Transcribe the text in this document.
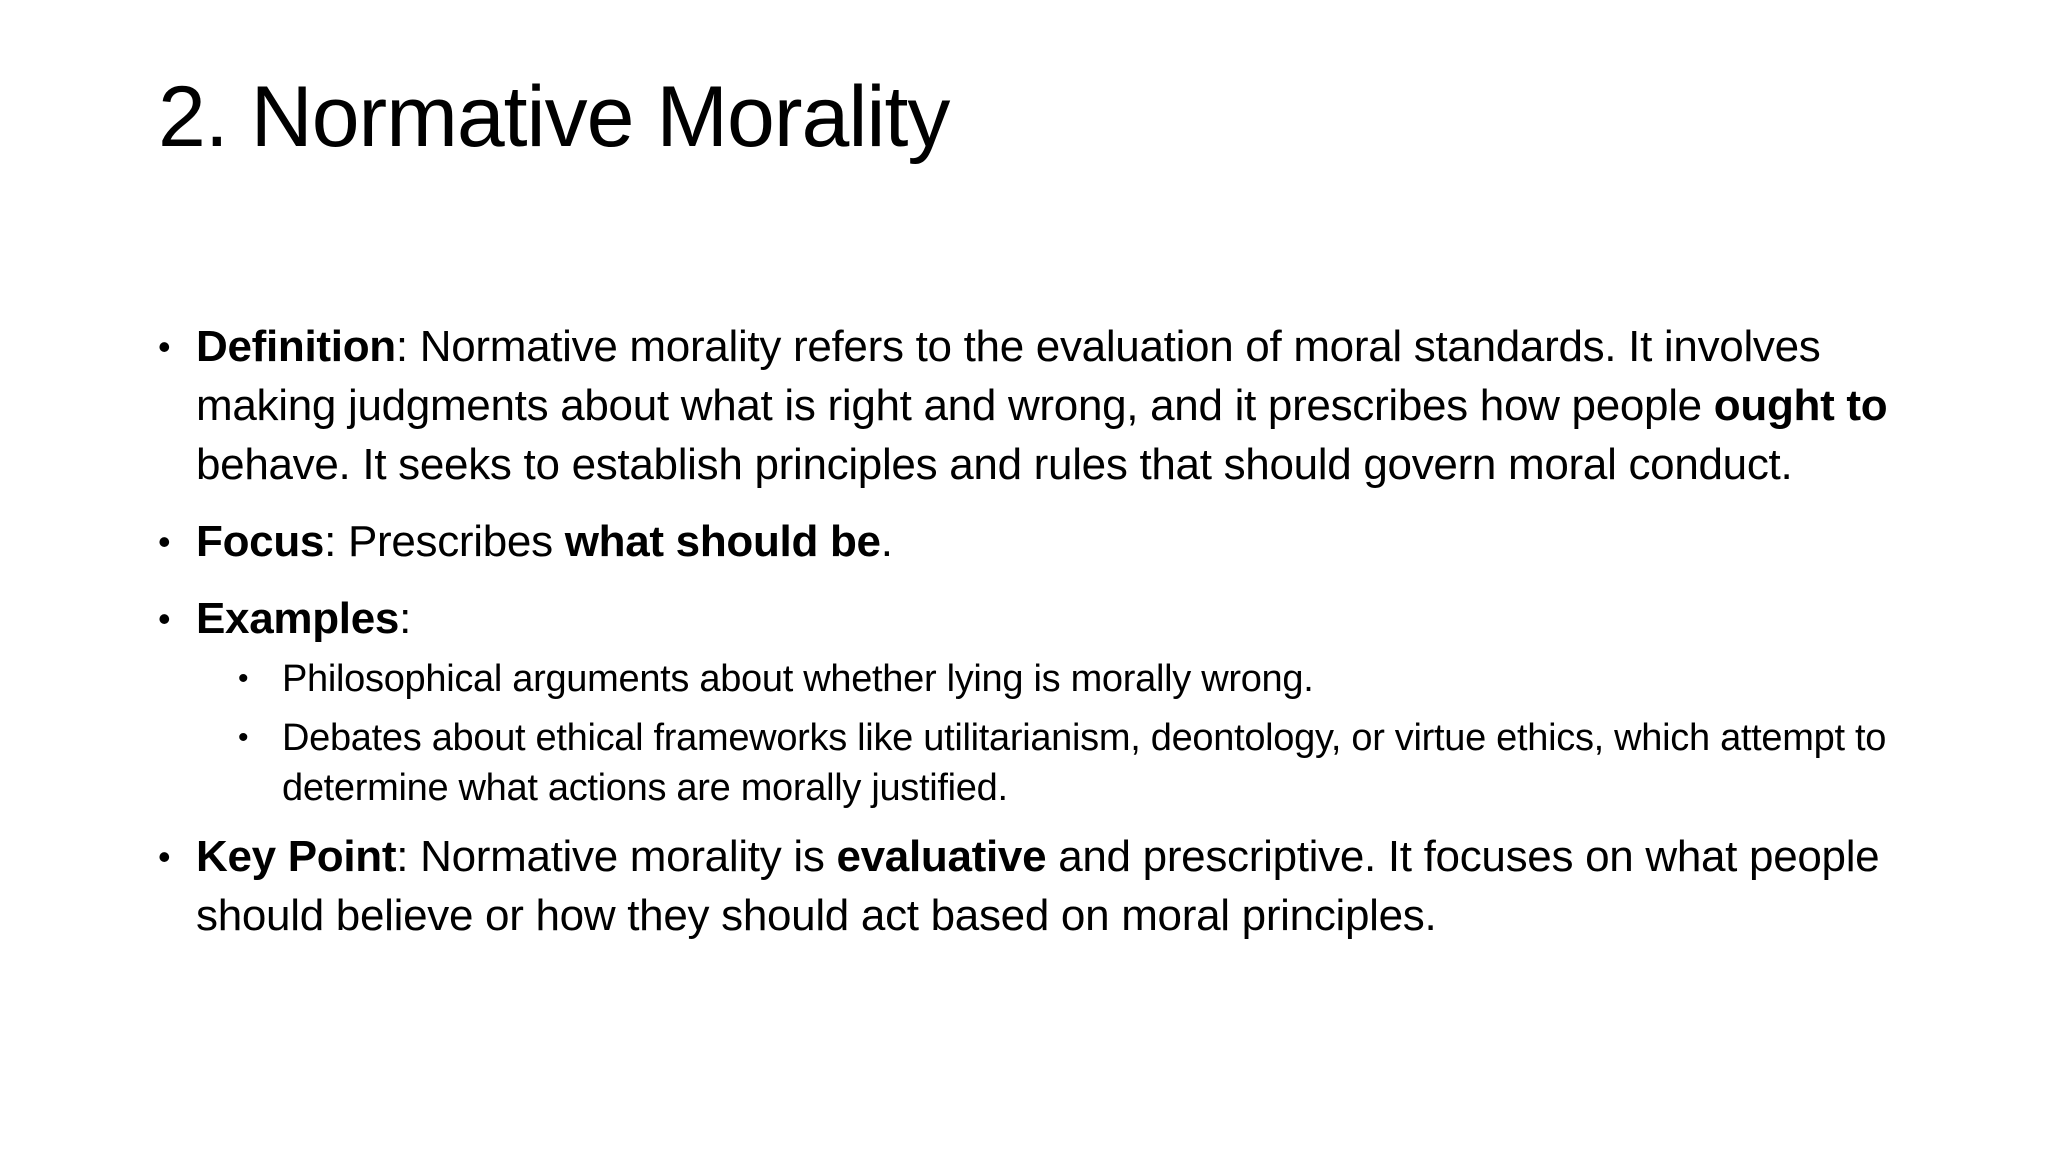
2. Normative Morality
• Definition: Normative morality refers to the evaluation of moral standards. It involves making judgments about what is right and wrong, and it prescribes how people ought to behave. It seeks to establish principles and rules that should govern moral conduct.
• Focus: Prescribes what should be.
• Examples:
• Philosophical arguments about whether lying is morally wrong.
• Debates about ethical frameworks like utilitarianism, deontology, or virtue ethics, which attempt to determine what actions are morally justified.
• Key Point: Normative morality is evaluative and prescriptive. It focuses on what people should believe or how they should act based on moral principles.
